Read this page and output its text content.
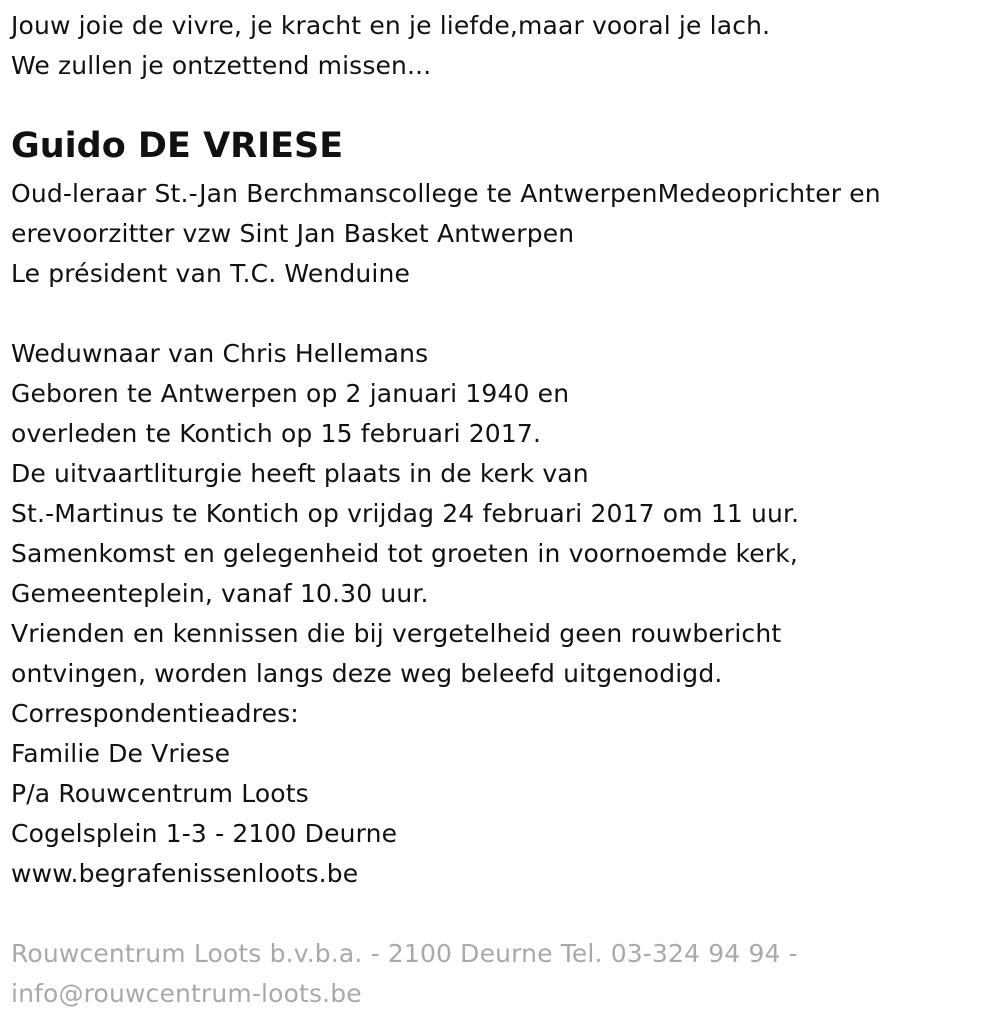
Jouw joie de vivre, je kracht en je liefde,maar vooral je lach.
We zullen je ontzettend missen...
Guido DE VRIESE
Oud-leraar St.-Jan Berchmanscollege te AntwerpenMedeoprichter en
erevoorzitter vzw Sint Jan Basket Antwerpen
Le président van T.C. Wenduine
Weduwnaar van Chris Hellemans
Geboren te Antwerpen op 2 januari 1940 en
overleden te Kontich op 15 februari 2017.
De uitvaartliturgie heeft plaats in de kerk van
St.-Martinus te Kontich op vrijdag 24 februari 2017 om 11 uur.
Samenkomst en gelegenheid tot groeten in voornoemde kerk,
Gemeenteplein, vanaf 10.30 uur.
Vrienden en kennissen die bij vergetelheid geen rouwbericht
ontvingen, worden langs deze weg beleefd uitgenodigd.
Correspondentieadres:
Familie De Vriese
P/a Rouwcentrum Loots
Cogelsplein 1-3 - 2100 Deurne
www.begrafenissenloots.be
Rouwcentrum Loots b.v.b.a. - 2100 Deurne Tel. 03-324 94 94 -
info@rouwcentrum-loots.be
